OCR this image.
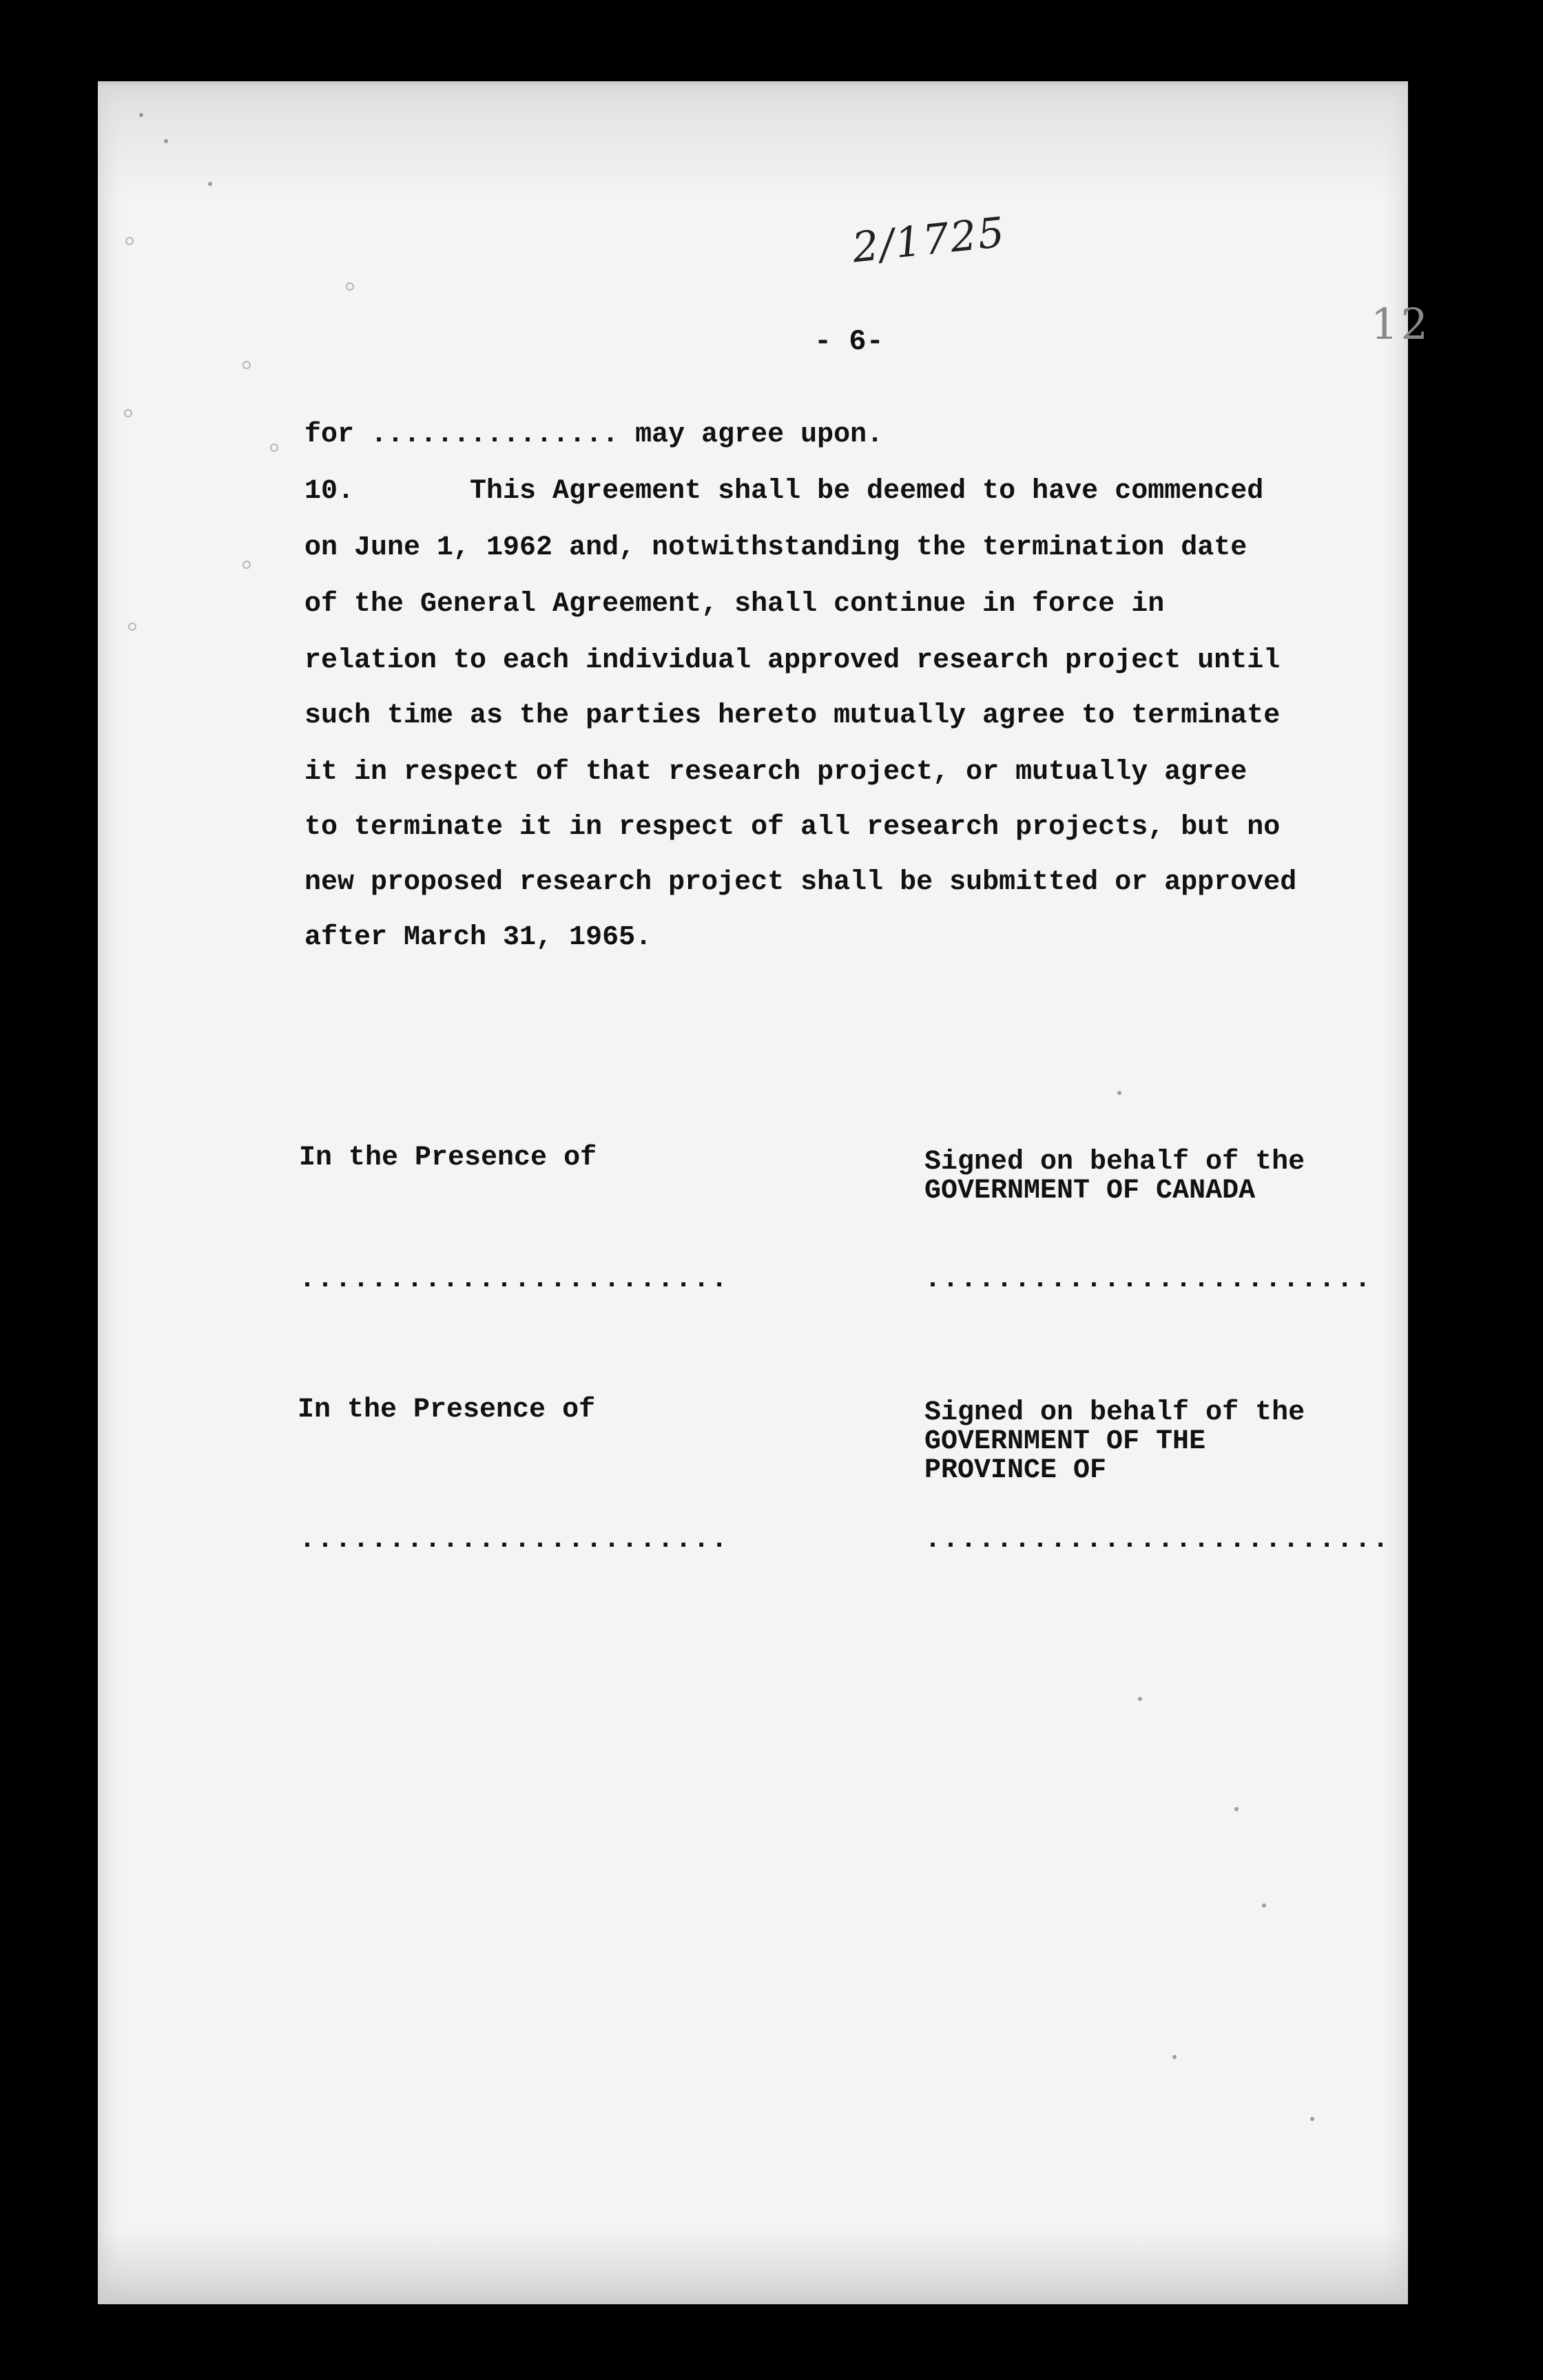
2/1725
- 6-	12
for ............... may agree upon.
10.       This Agreement shall be deemed to have commenced
on June 1, 1962 and, notwithstanding the termination date
of the General Agreement, shall continue in force in
relation to each individual approved research project until
such time as the parties hereto mutually agree to terminate
it in respect of that research project, or mutually agree
to terminate it in respect of all research projects, but no
new proposed research project shall be submitted or approved
after March 31, 1965.
In the Presence of	Signed on behalf of the
GOVERNMENT OF CANADA
........................	.........................
In the Presence of	Signed on behalf of the
GOVERNMENT OF THE
PROVINCE OF
........................	..........................
